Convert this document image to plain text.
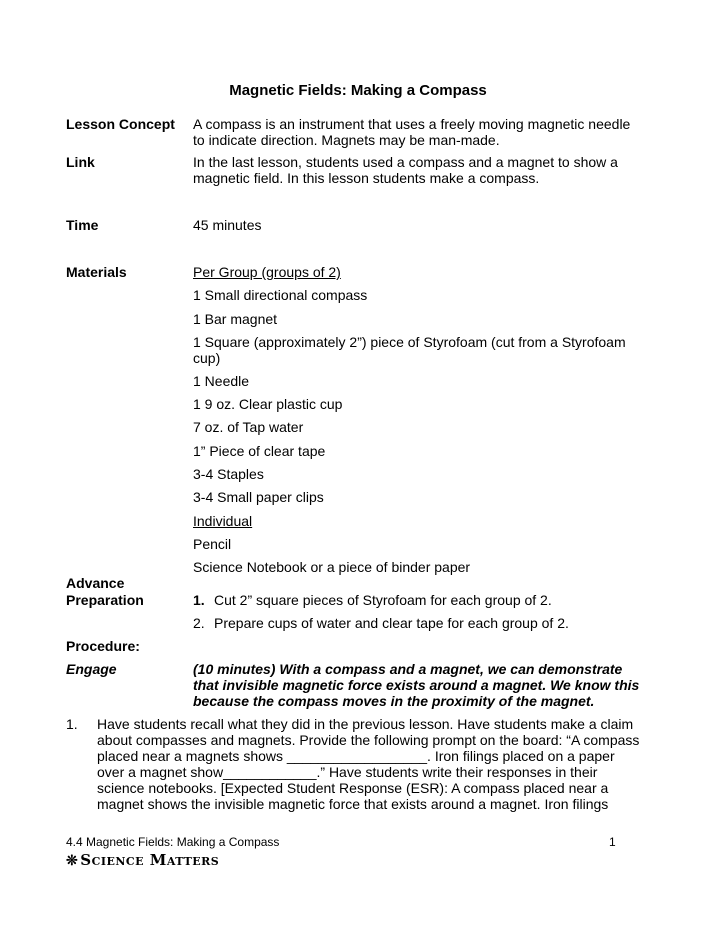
Magnetic Fields: Making a Compass
Lesson Concept A compass is an instrument that uses a freely moving magnetic needle
to indicate direction. Magnets may be man-made.
Link	In the last lesson, students used a compass and a magnet to show a
magnetic field. In this lesson students make a compass.
Time	45 minutes
Materials	Per Group (groups of 2)
1 Small directional compass
1 Bar magnet
1 Square (approximately 2”) piece of Styrofoam (cut from a Styrofoam
cup)
1 Needle
1 9 oz. Clear plastic cup
7 oz. of Tap water
1” Piece of clear tape
3-4 Staples
3-4 Small paper clips
Individual
Pencil
Science Notebook or a piece of binder paper
Advance
Preparation	1. Cut 2” square pieces of Styrofoam for each group of 2.
2. Prepare cups of water and clear tape for each group of 2.
Procedure:
Engage	(10 minutes) With a compass and a magnet, we can demonstrate
that invisible magnetic force exists around a magnet. We know this
because the compass moves in the proximity of the magnet.
1. Have students recall what they did in the previous lesson. Have students make a claim
about compasses and magnets. Provide the following prompt on the board: “A compass
placed near a magnets shows __________________. Iron filings placed on a paper
over a magnet show____________.” Have students write their responses in their
science notebooks. [Expected Student Response (ESR): A compass placed near a
magnet shows the invisible magnetic force that exists around a magnet. Iron filings
4.4 Magnetic Fields: Making a Compass	1
❊ Science Matters
